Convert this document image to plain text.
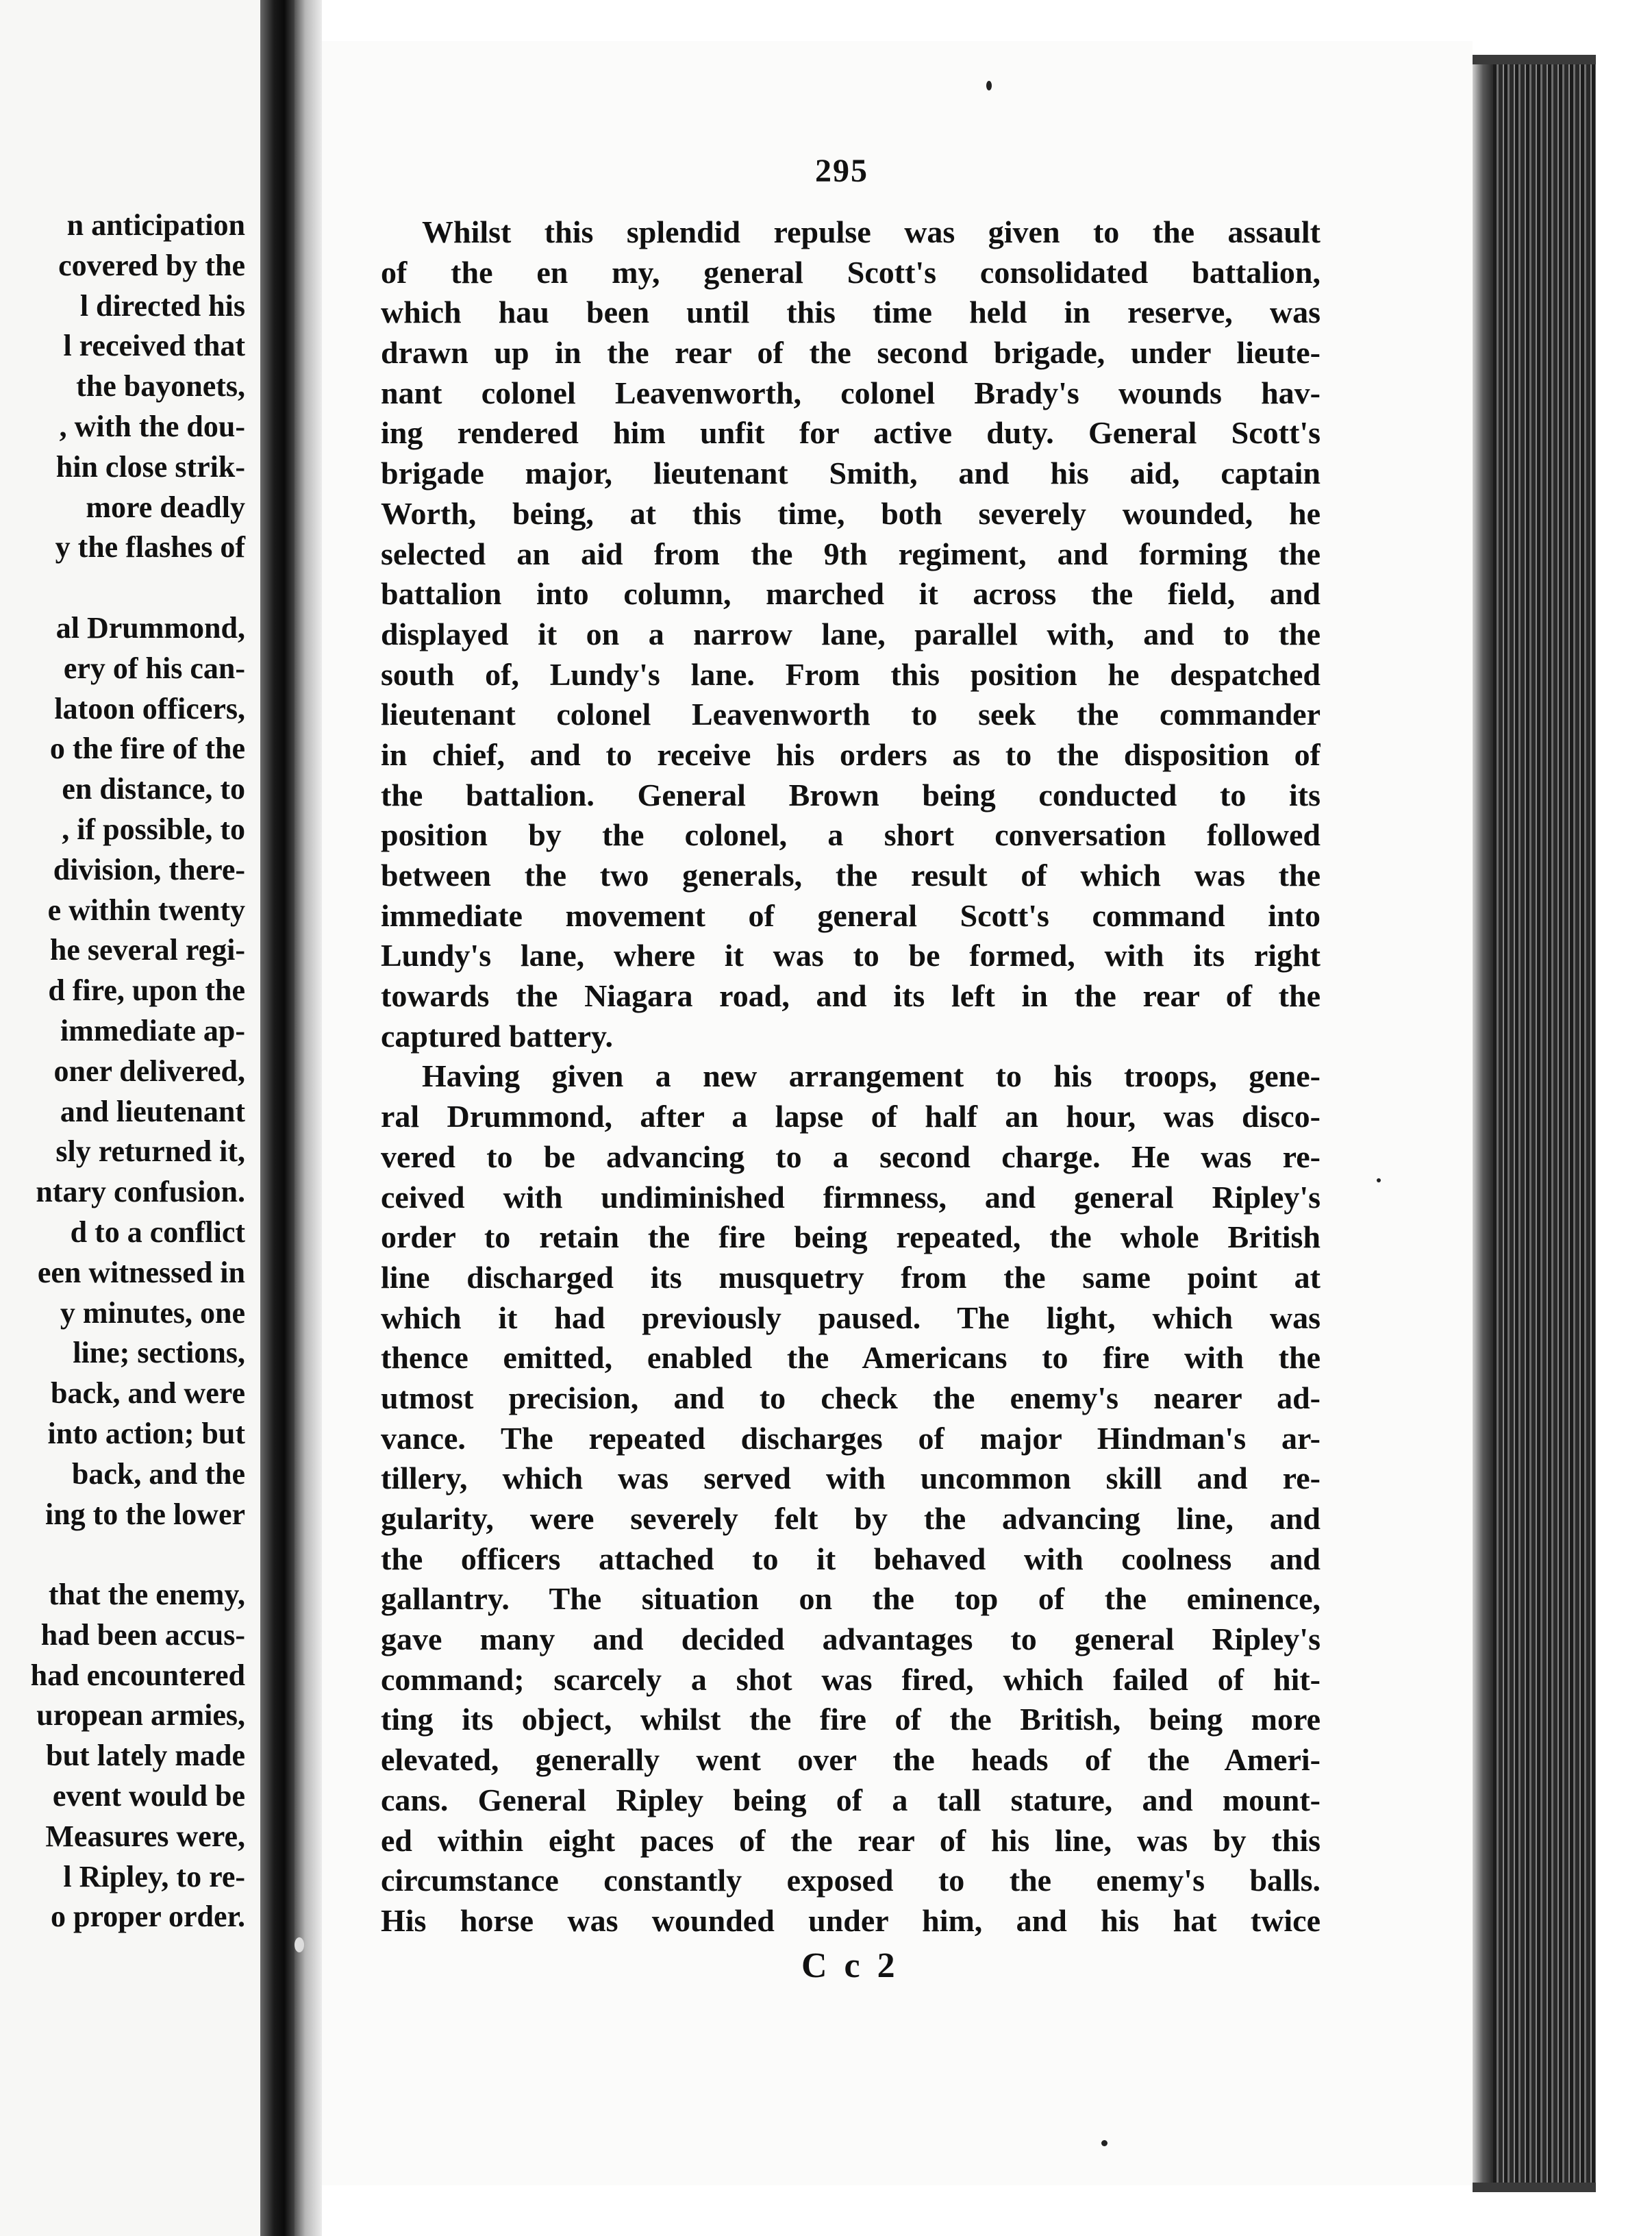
n anticipation
covered by the
l directed his
l received that
the bayonets,
, with the dou-
hin close strik-
more deadly
y the flashes of
al Drummond,
ery of his can-
latoon officers,
o the fire of the
en distance, to
, if possible, to
division, there-
e within twenty
he several regi-
d fire, upon the
immediate ap-
oner delivered,
and lieutenant
sly returned it,
ntary confusion.
d to a conflict
een witnessed in
y minutes, one
line; sections,
back, and were
into action; but
back, and the
ing to the lower
that the enemy,
had been accus-
had encountered
uropean armies,
but lately made
event would be
Measures were,
l Ripley, to re-
o proper order.
295
Whilst this splendid repulse was given to the assault
of the en my, general Scott's consolidated battalion,
which hau been until this time held in reserve, was
drawn up in the rear of the second brigade, under lieute-
nant colonel Leavenworth, colonel Brady's wounds hav-
ing rendered him unfit for active duty. General Scott's
brigade major, lieutenant Smith, and his aid, captain
Worth, being, at this time, both severely wounded, he
selected an aid from the 9th regiment, and forming the
battalion into column, marched it across the field, and
displayed it on a narrow lane, parallel with, and to the
south of, Lundy's lane. From this position he despatched
lieutenant colonel Leavenworth to seek the commander
in chief, and to receive his orders as to the disposition of
the battalion. General Brown being conducted to its
position by the colonel, a short conversation followed
between the two generals, the result of which was the
immediate movement of general Scott's command into
Lundy's lane, where it was to be formed, with its right
towards the Niagara road, and its left in the rear of the
captured battery.
Having given a new arrangement to his troops, gene-
ral Drummond, after a lapse of half an hour, was disco-
vered to be advancing to a second charge. He was re-
ceived with undiminished firmness, and general Ripley's
order to retain the fire being repeated, the whole British
line discharged its musquetry from the same point at
which it had previously paused. The light, which was
thence emitted, enabled the Americans to fire with the
utmost precision, and to check the enemy's nearer ad-
vance. The repeated discharges of major Hindman's ar-
tillery, which was served with uncommon skill and re-
gularity, were severely felt by the advancing line, and
the officers attached to it behaved with coolness and
gallantry. The situation on the top of the eminence,
gave many and decided advantages to general Ripley's
command; scarcely a shot was fired, which failed of hit-
ting its object, whilst the fire of the British, being more
elevated, generally went over the heads of the Ameri-
cans. General Ripley being of a tall stature, and mount-
ed within eight paces of the rear of his line, was by this
circumstance constantly exposed to the enemy's balls.
His horse was wounded under him, and his hat twice
C c 2
